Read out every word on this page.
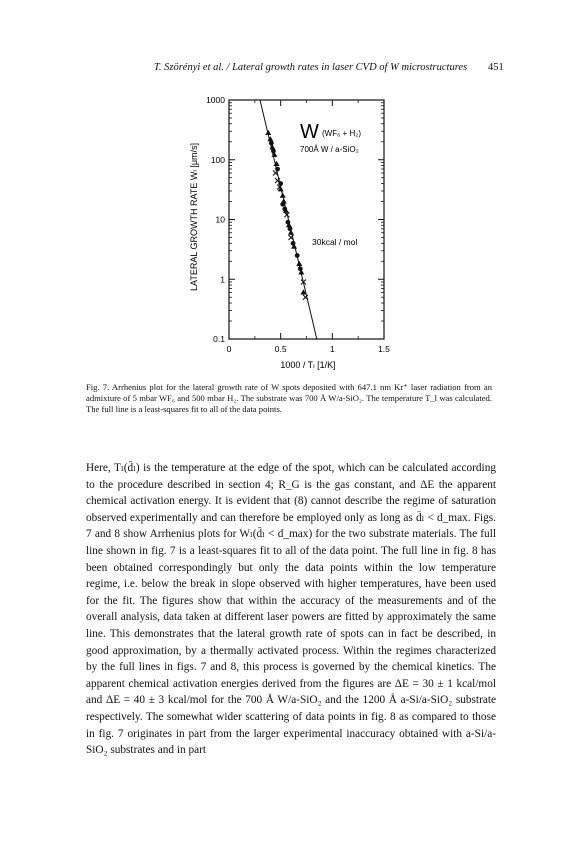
T. Szörényi et al. / Lateral growth rates in laser CVD of W microstructures	451
0.1
1
10
100
1000
0	0.5	1	1.5
W (WF₆ + H₂)
700Å W / a-SiO₂
30kcal / mol
1000 / Tₗ [1/K]
LATERAL GROWTH RATE Wₗ [μm/s]
Fig. 7. Arrhenius plot for the lateral growth rate of W spots deposited with 647.1 nm Kr⁺ laser radiation from an admixture of 5 mbar WF₆ and 500 mbar H₂. The substrate was 700 Å W/a-SiO₂. The temperature T_l was calculated. The full line is a least-squares fit to all of the data points.

Here, Tₗ(d̄ₗ) is the temperature at the edge of the spot, which can be calculated according to the procedure described in section 4; R_G is the gas constant, and ΔE the apparent chemical activation energy. It is evident that (8) cannot describe the regime of saturation observed experimentally and can therefore be employed only as long as d̄ₗ < d_max. Figs. 7 and 8 show Arrhenius plots for Wₗ(d̄ₗ < d_max) for the two substrate materials. The full line shown in fig. 7 is a least-squares fit to all of the data point. The full line in fig. 8 has been obtained correspondingly but only the data points within the low temperature regime, i.e. below the break in slope observed with higher temperatures, have been used for the fit. The figures show that within the accuracy of the measurements and of the overall analysis, data taken at different laser powers are fitted by approximately the same line. This demonstrates that the lateral growth rate of spots can in fact be described, in good approximation, by a thermally activated process. Within the regimes characterized by the full lines in figs. 7 and 8, this process is governed by the chemical kinetics. The apparent chemical activation energies derived from the figures are ΔE = 30 ± 1 kcal/mol and ΔE = 40 ± 3 kcal/mol for the 700 Å W/a-SiO₂ and the 1200 Å a-Si/a-SiO₂ substrate respectively. The somewhat wider scattering of data points in fig. 8 as compared to those in fig. 7 originates in part from the larger experimental inaccuracy obtained with a-Si/a-SiO₂ substrates and in part
